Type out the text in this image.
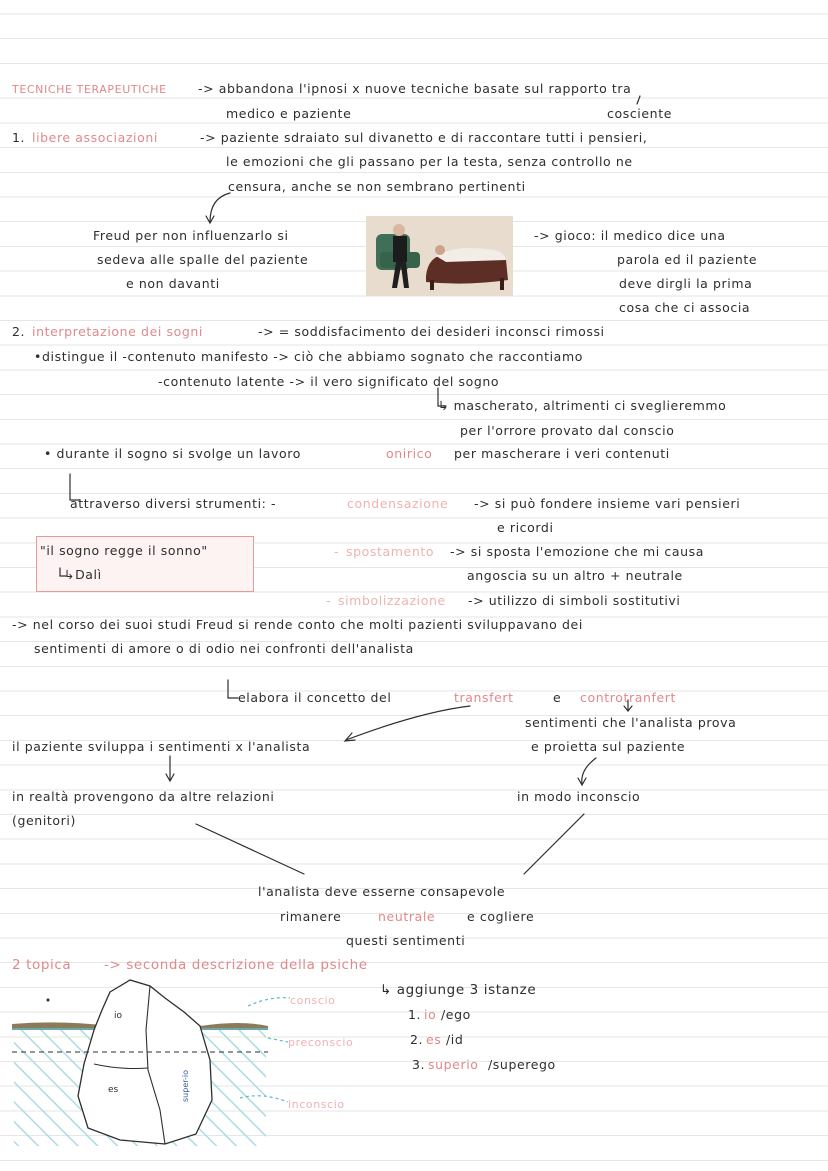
TECNICHE TERAPEUTICHE	-> abbandona l'ipnosi x nuove tecniche basate sul rapporto tra
medico e paziente	cosciente
1. libere associazioni	-> paziente sdraiato sul divanetto e di raccontare tutti i pensieri,
le emozioni che gli passano per la testa, senza controllo ne
censura, anche se non sembrano pertinenti
Freud per non influenzarlo si
sedeva alle spalle del paziente
e non davanti
-> gioco: il medico dice una
parola ed il paziente
deve dirgli la prima
cosa che ci associa
2. interpretazione dei sogni	-> = soddisfacimento dei desideri inconsci rimossi
•distingue il -contenuto manifesto -> ciò che abbiamo sognato che raccontiamo
-contenuto latente -> il vero significato del sogno
↳ mascherato, altrimenti ci sveglieremmo
per l'orrore provato dal conscio
• durante il sogno si svolge un lavoro	onirico per mascherare i veri contenuti
attraverso diversi strumenti: -	condensazione -> si può fondere insieme vari pensieri
e ricordi
"il sogno regge il sonno"
↳Dalì
- spostamento -> si sposta l'emozione che mi causa
angoscia su un altro + neutrale
- simbolizzazione -> utilizzo di simboli sostitutivi
-> nel corso dei suoi studi Freud si rende conto che molti pazienti sviluppavano dei
sentimenti di amore o di odio nei confronti dell'analista
elabora il concetto del	transfert	e controtranfert
sentimenti che l'analista prova
e proietta sul paziente
il paziente sviluppa i sentimenti x l'analista
in realtà provengono da altre relazioni
(genitori)
in modo inconscio
l'analista deve esserne consapevole
rimanere	neutrale	e cogliere
questi sentimenti
2 topica -> seconda descrizione della psiche
↳ aggiunge 3 istanze
1. io /ego
2. es /id
3. superio /superego
conscio
preconscio
inconscio
io
es	super-io
